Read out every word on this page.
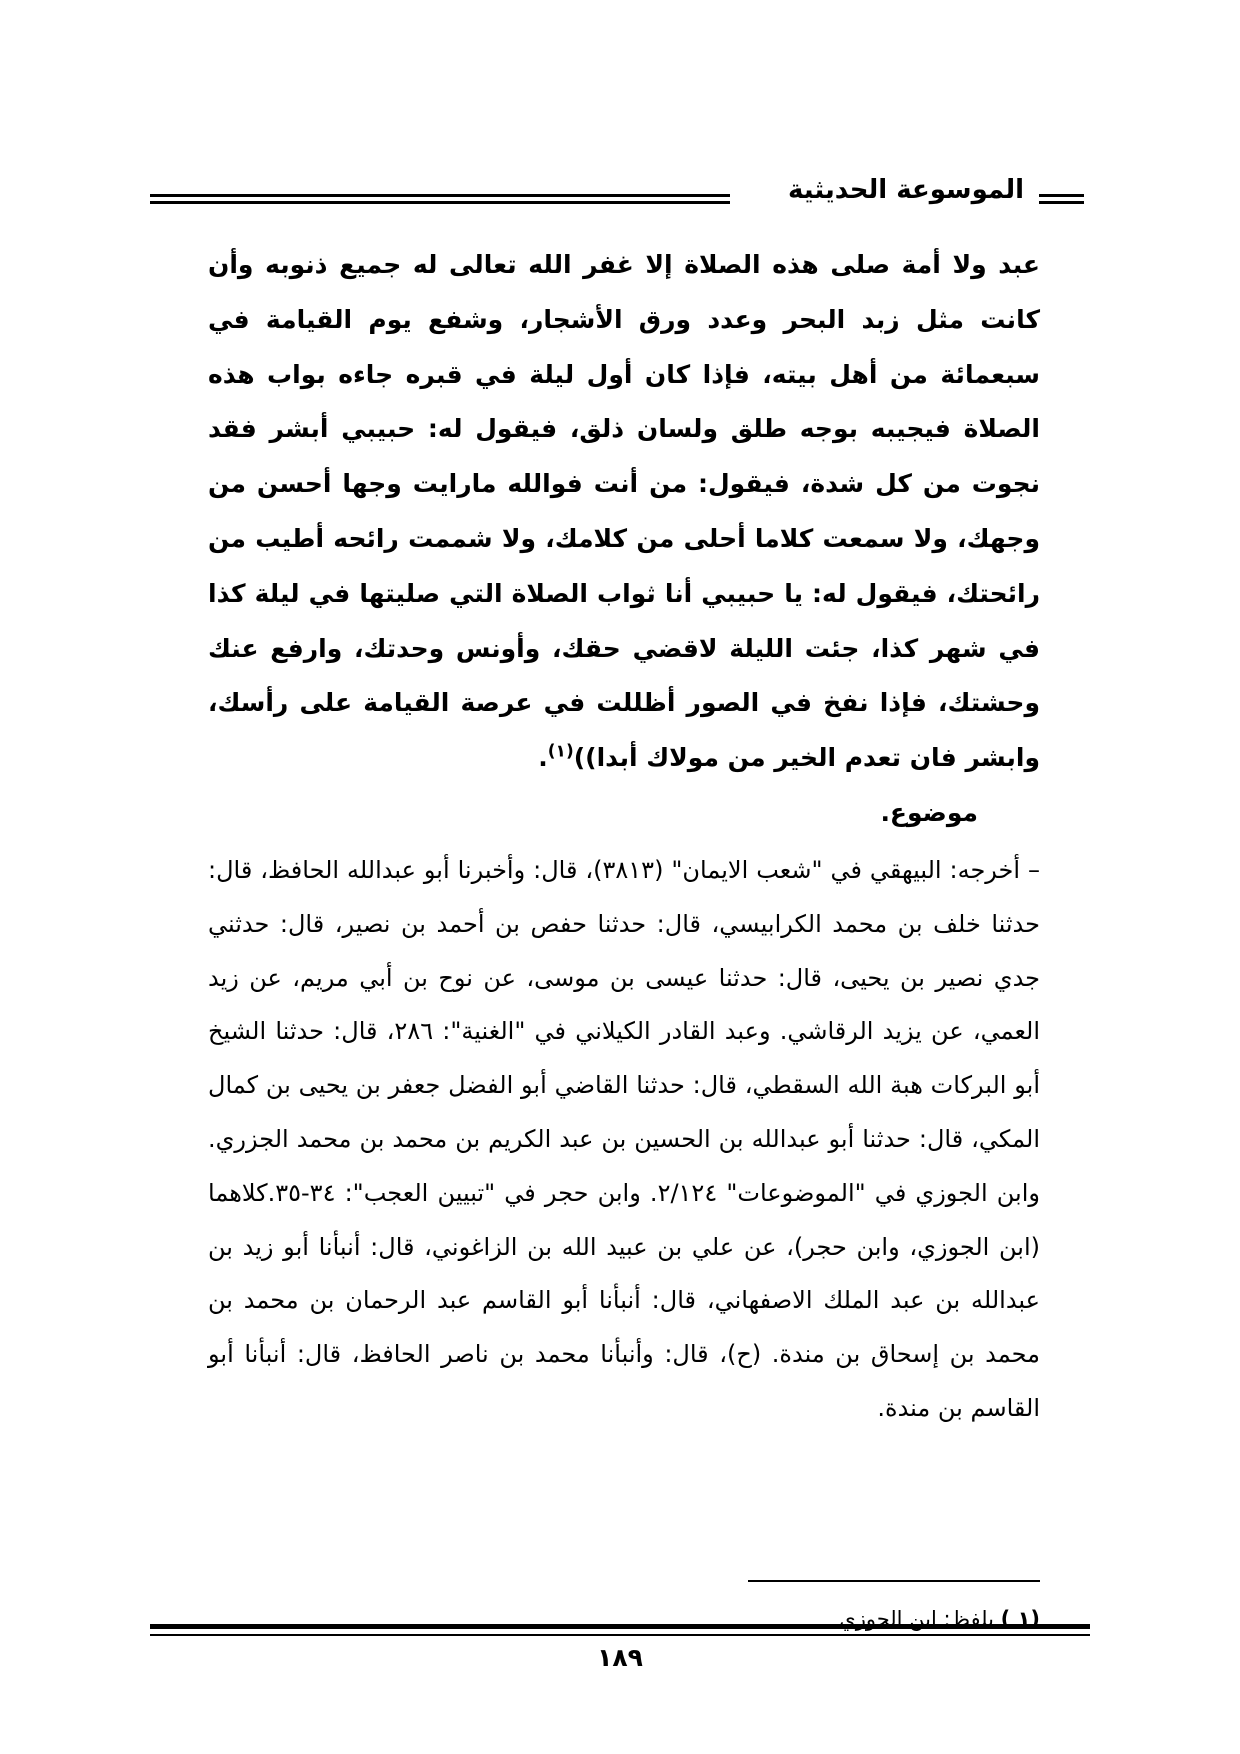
الموسوعة الحديثية

عبد ولا أمة صلى هذه الصلاة إلا غفر الله تعالى له جميع ذنوبه وأن كانت مثل زبد البحر وعدد ورق الأشجار، وشفع يوم القيامة في سبعمائة من أهل بيته، فإذا كان أول ليلة في قبره جاءه بواب هذه الصلاة فيجيبه بوجه طلق ولسان ذلق، فيقول له: حبيبي أبشر فقد نجوت من كل شدة، فيقول: من أنت فوالله مارايت وجها أحسن من وجهك، ولا سمعت كلاما أحلى من كلامك، ولا شممت رائحه أطيب من رائحتك، فيقول له: يا حبيبي أنا ثواب الصلاة التي صليتها في ليلة كذا في شهر كذا، جئت الليلة لاقضي حقك، وأونس وحدتك، وارفع عنك وحشتك، فإذا نفخ في الصور أظللت في عرصة القيامة على رأسك، وابشر فان تعدم الخير من مولاك أبدا))$^{(١)}$.

موضوع.

– أخرجه: البيهقي في "شعب الايمان" (٣٨١٣)، قال: وأخبرنا أبو عبدالله الحافظ، قال: حدثنا خلف بن محمد الكرابيسي، قال: حدثنا حفص بن أحمد بن نصير، قال: حدثني جدي نصير بن يحيى، قال: حدثنا عيسى بن موسى، عن نوح بن أبي مريم، عن زيد العمي، عن يزيد الرقاشي. وعبد القادر الكيلاني في "الغنية": ٢٨٦، قال: حدثنا الشيخ أبو البركات هبة الله السقطي، قال: حدثنا القاضي أبو الفضل جعفر بن يحيى بن كمال المكي، قال: حدثنا أبو عبدالله بن الحسين بن عبد الكريم بن محمد بن محمد الجزري. وابن الجوزي في "الموضوعات" ٢/١٢٤. وابن حجر في "تبيين العجب": ٣٤-٣٥.كلاهما (ابن الجوزي، وابن حجر)، عن علي بن عبيد الله بن الزاغوني، قال: أنبأنا أبو زيد بن عبدالله بن عبد الملك الاصفهاني، قال: أنبأنا أبو القاسم عبد الرحمان بن محمد بن محمد بن إسحاق بن مندة. (ح)، قال: وأنبأنا محمد بن ناصر الحافظ، قال: أنبأنا أبو القاسم بن مندة.

(١ ) بلفظ: ابن الجوزي
١٨٩
